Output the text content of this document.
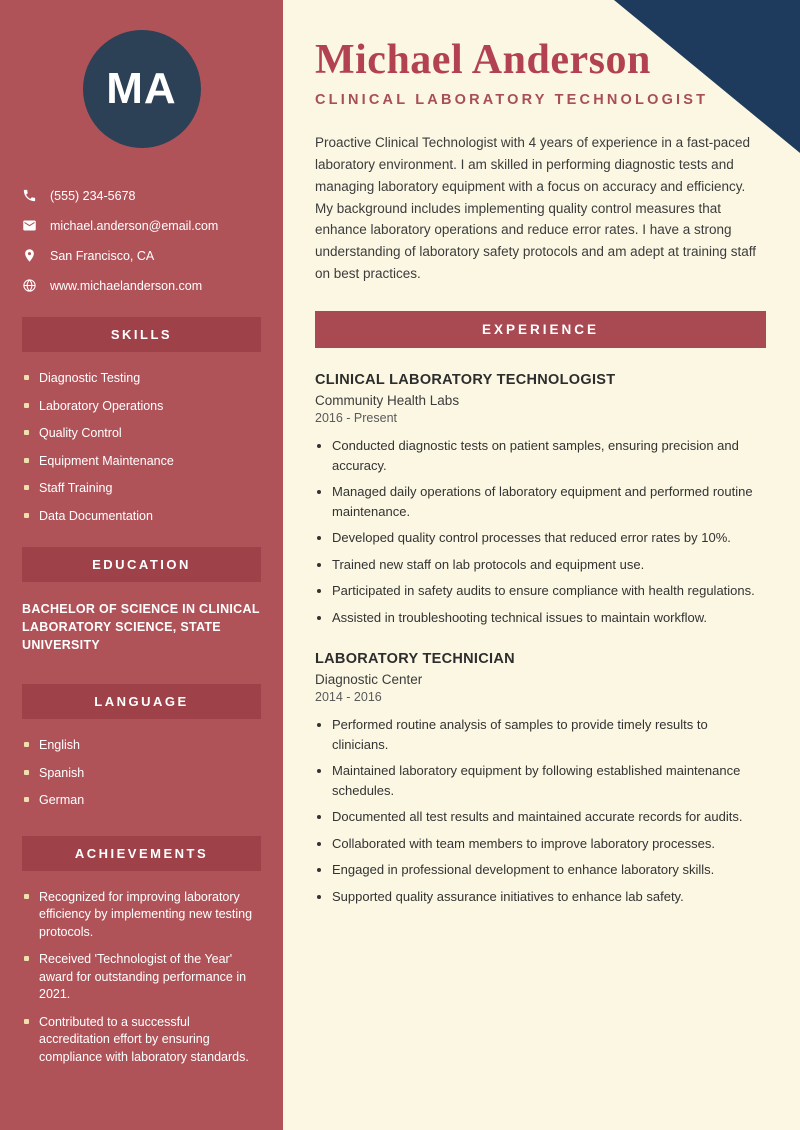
MA
(555) 234-5678
michael.anderson@email.com
San Francisco, CA
www.michaelanderson.com
SKILLS
Diagnostic Testing
Laboratory Operations
Quality Control
Equipment Maintenance
Staff Training
Data Documentation
EDUCATION
BACHELOR OF SCIENCE IN CLINICAL LABORATORY SCIENCE, STATE UNIVERSITY
LANGUAGE
English
Spanish
German
ACHIEVEMENTS
Recognized for improving laboratory efficiency by implementing new testing protocols.
Received 'Technologist of the Year' award for outstanding performance in 2021.
Contributed to a successful accreditation effort by ensuring compliance with laboratory standards.
Michael Anderson
CLINICAL LABORATORY TECHNOLOGIST

Proactive Clinical Technologist with 4 years of experience in a fast-paced laboratory environment. I am skilled in performing diagnostic tests and managing laboratory equipment with a focus on accuracy and efficiency. My background includes implementing quality control measures that enhance laboratory operations and reduce error rates. I have a strong understanding of laboratory safety protocols and am adept at training staff on best practices.

EXPERIENCE
CLINICAL LABORATORY TECHNOLOGIST
Community Health Labs
2016 - Present
• Conducted diagnostic tests on patient samples, ensuring precision and accuracy.
• Managed daily operations of laboratory equipment and performed routine maintenance.
• Developed quality control processes that reduced error rates by 10%.
• Trained new staff on lab protocols and equipment use.
• Participated in safety audits to ensure compliance with health regulations.
• Assisted in troubleshooting technical issues to maintain workflow.
LABORATORY TECHNICIAN
Diagnostic Center
2014 - 2016
• Performed routine analysis of samples to provide timely results to clinicians.
• Maintained laboratory equipment by following established maintenance schedules.
• Documented all test results and maintained accurate records for audits.
• Collaborated with team members to improve laboratory processes.
• Engaged in professional development to enhance laboratory skills.
• Supported quality assurance initiatives to enhance lab safety.
